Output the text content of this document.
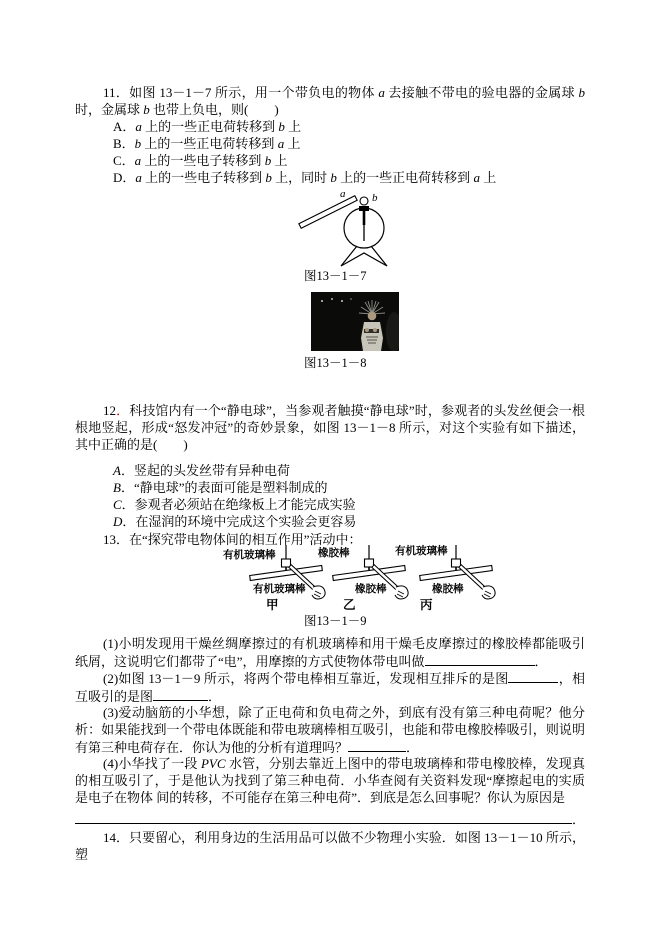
11．如图 13－1－7 所示，用一个带负电的物体 a 去接触不带电的验电器的金属球 b 时，金属球 b 也带上负电，则(　　)
A．a 上的一些正电荷转移到 b 上
B．b 上的一些正电荷转移到 a 上
C．a 上的一些电子转移到 b 上
D．a 上的一些电子转移到 b 上，同时 b 上的一些正电荷转移到 a 上
a b
图13－1－7
图13－1－8
12．科技馆内有一个“静电球”，当参观者触摸“静电球”时，参观者的头发丝便会一根根地竖起，形成“怒发冲冠”的奇妙景象，如图 13－1－8 所示，对这个实验有如下描述，其中正确的是(　　)
A．竖起的头发丝带有异种电荷
B．“静电球”的表面可能是塑料制成的
C．参观者必须站在绝缘板上才能完成实验
D．在湿润的环境中完成这个实验会更容易
13．在“探究带电物体间的相互作用”活动中：
有机玻璃棒
有机玻璃棒
甲
橡胶棒
橡胶棒
乙
有机玻璃棒
橡胶棒
丙
图13－1－9
(1)小明发现用干燥丝绸摩擦过的有机玻璃棒和用干燥毛皮摩擦过的橡胶棒都能吸引纸屑，这说明它们都带了“电”，用摩擦的方式使物体带电叫做	．
(2)如图 13－1－9 所示，将两个带电棒相互靠近，发现相互排斥的是图	，相互吸引的是图	．
(3)爱动脑筋的小华想，除了正电荷和负电荷之外，到底有没有第三种电荷呢？他分析：如果能找到一个带电体既能和带电玻璃棒相互吸引，也能和带电橡胶棒吸引，则说明有第三种电荷存在．你认为他的分析有道理吗？	．
(4)小华找了一段 PVC 水管，分别去靠近上图中的带电玻璃棒和带电橡胶棒，发现真的相互吸引了，于是他认为找到了第三种电荷．小华查阅有关资料发现“摩擦起电的实质是电子在物体 间的转移，不可能存在第三种电荷”．到底是怎么回事呢？你认为原因是
．
14．只要留心，利用身边的生活用品可以做不少物理小实验．如图 13－1－10 所示，塑
